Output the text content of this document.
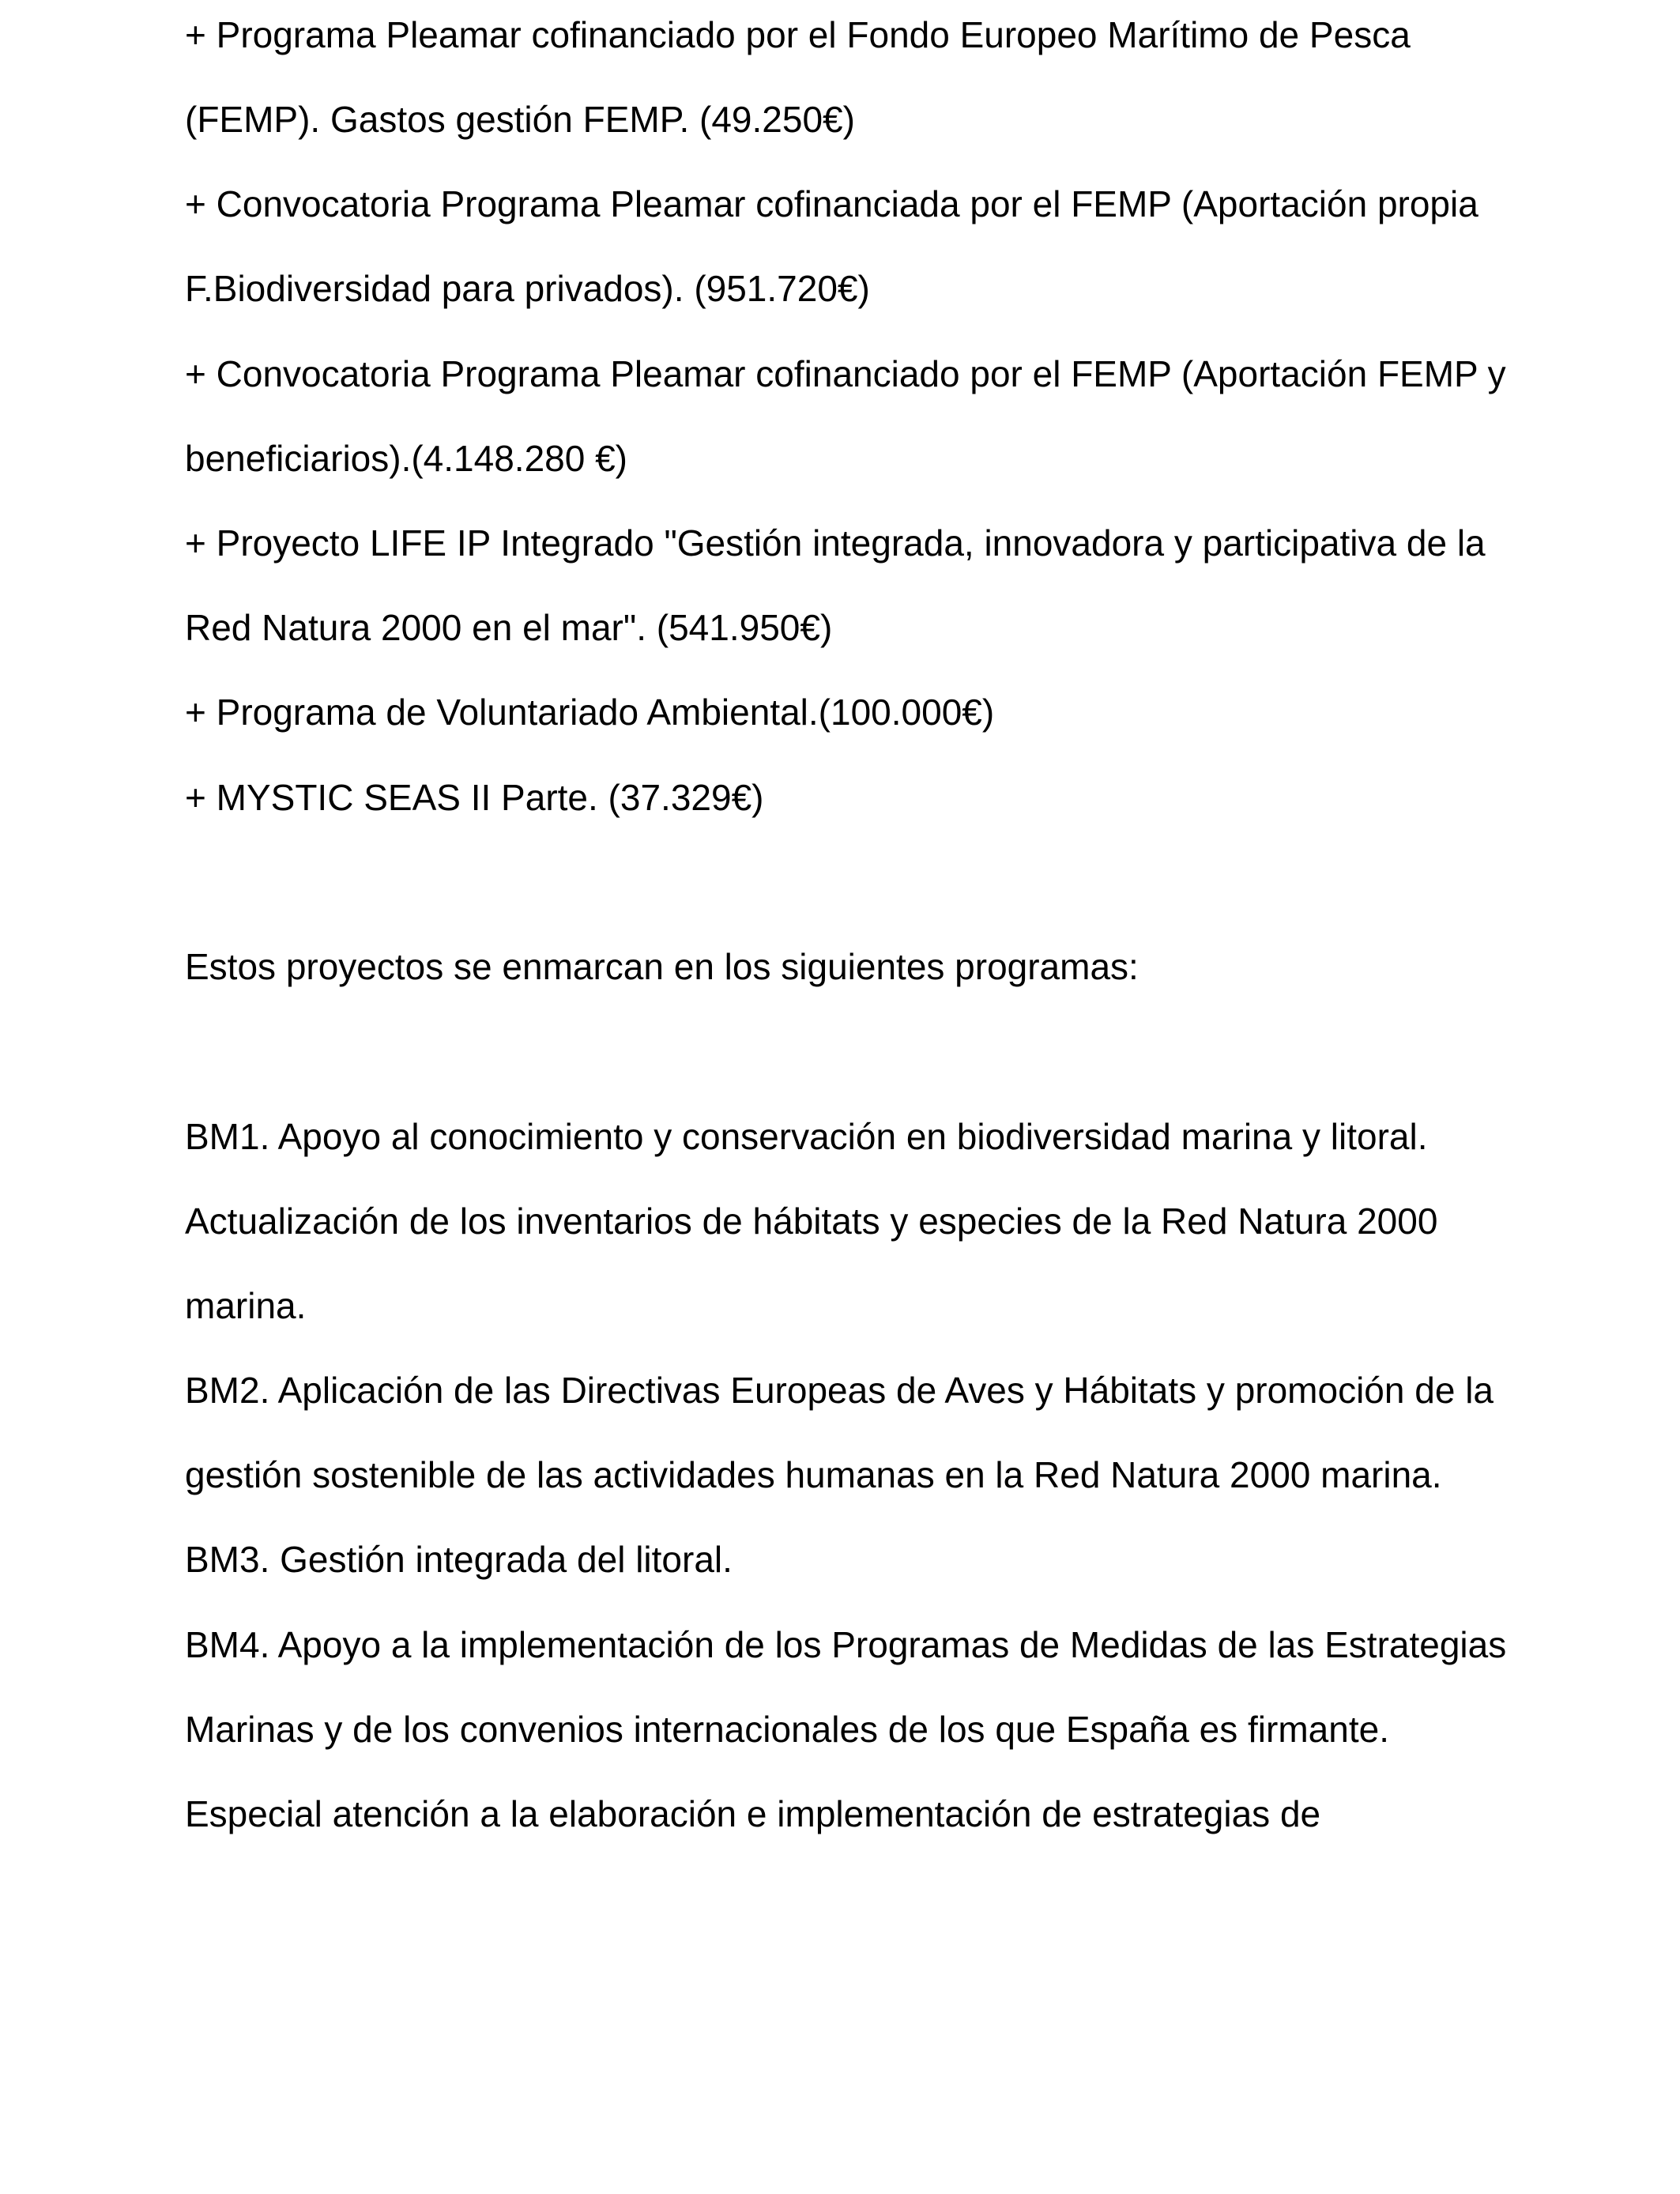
+ Programa Pleamar cofinanciado por el Fondo Europeo Marítimo de Pesca
(FEMP). Gastos gestión FEMP. (49.250€)
+ Convocatoria Programa Pleamar cofinanciada por el FEMP (Aportación propia
F.Biodiversidad para privados). (951.720€)
+ Convocatoria Programa Pleamar cofinanciado por el FEMP (Aportación FEMP y
beneficiarios).(4.148.280 €)
+ Proyecto LIFE IP Integrado "Gestión integrada, innovadora y participativa de la
Red Natura 2000 en el mar". (541.950€)
+ Programa de Voluntariado Ambiental.(100.000€)
+ MYSTIC SEAS II Parte. (37.329€)
Estos proyectos se enmarcan en los siguientes programas:
BM1. Apoyo al conocimiento y conservación en biodiversidad marina y litoral.
Actualización de los inventarios de hábitats y especies de la Red Natura 2000
marina.
BM2. Aplicación de las Directivas Europeas de Aves y Hábitats y promoción de la
gestión sostenible de las actividades humanas en la Red Natura 2000 marina.
BM3. Gestión integrada del litoral.
BM4. Apoyo a la implementación de los Programas de Medidas de las Estrategias
Marinas y de los convenios internacionales de los que España es firmante.
Especial atención a la elaboración e implementación de estrategias de
